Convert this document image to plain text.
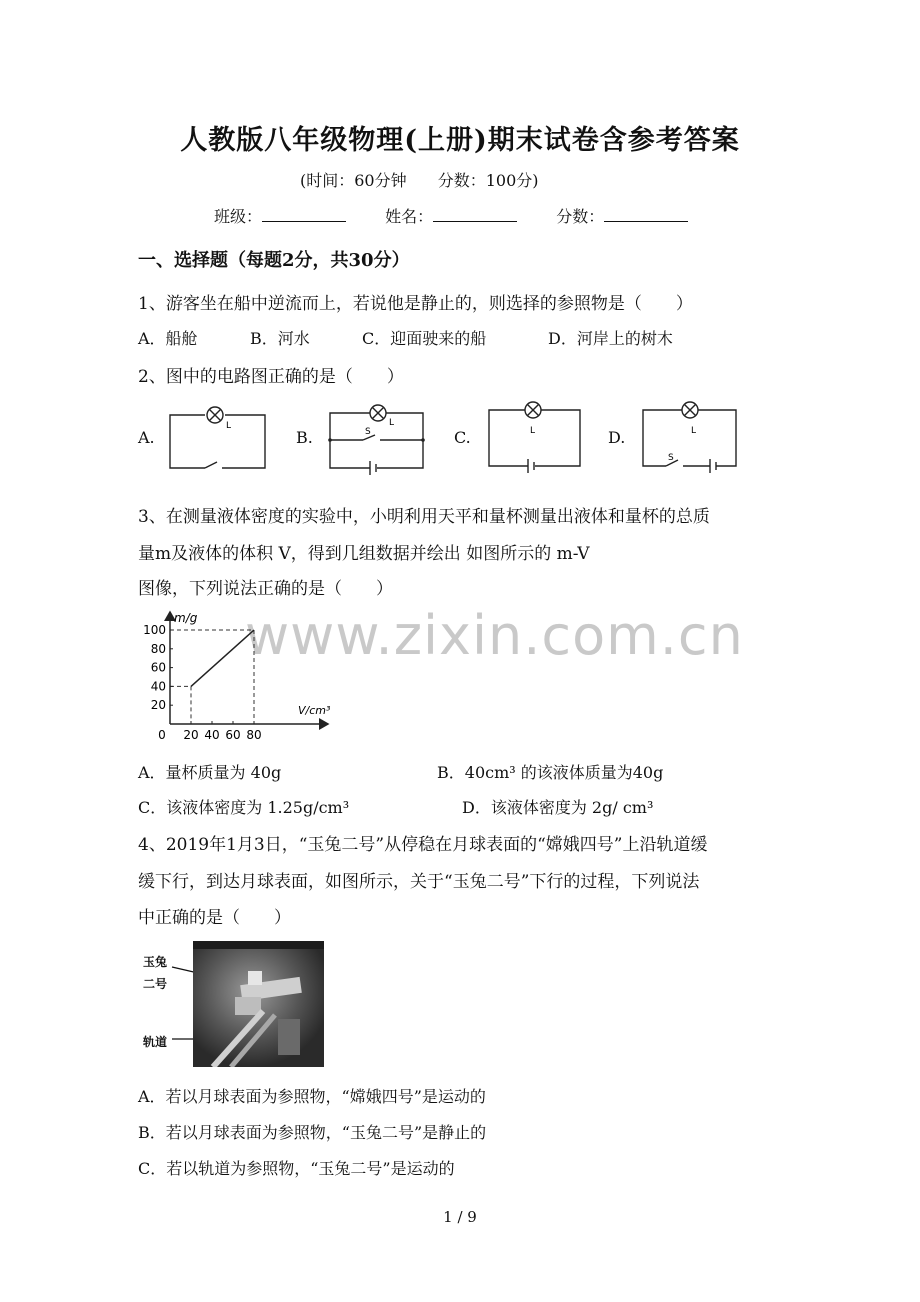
人教版八年级物理(上册)期末试卷含参考答案
(时间：60分钟 分数：100分)
班级：	姓名：	分数：
一、选择题（每题2分，共30分）
1、游客坐在船中逆流而上，若说他是静止的，则选择的参照物是（　　）
A．船舱	B．河水	C．迎面驶来的船	D．河岸上的树木
2、图中的电路图正确的是（　　）
A.	B.	C.	D.
L	L
S	L	L
S
3、在测量液体密度的实验中，小明利用天平和量杯测量出液体和量杯的总质
量m及液体的体积 V，得到几组数据并绘出 如图所示的 m-V
图像，下列说法正确的是（　　）
www.zixin.com.cn
0 20 40 60 80
20
40
60
80
100
m/g
V/cm³
A．量杯质量为 40g	B．40cm³ 的该液体质量为40g
C．该液体密度为 1.25g/cm³	D．该液体密度为 2g/ cm³
4、2019年1月3日，“玉兔二号”从停稳在月球表面的“嫦娥四号”上沿轨道缓
缓下行，到达月球表面，如图所示，关于“玉兔二号”下行的过程，下列说法
中正确的是（　　）
玉兔
二号
轨道
A．若以月球表面为参照物，“嫦娥四号”是运动的
B．若以月球表面为参照物，“玉兔二号”是静止的
C．若以轨道为参照物，“玉兔二号”是运动的
1 / 9
